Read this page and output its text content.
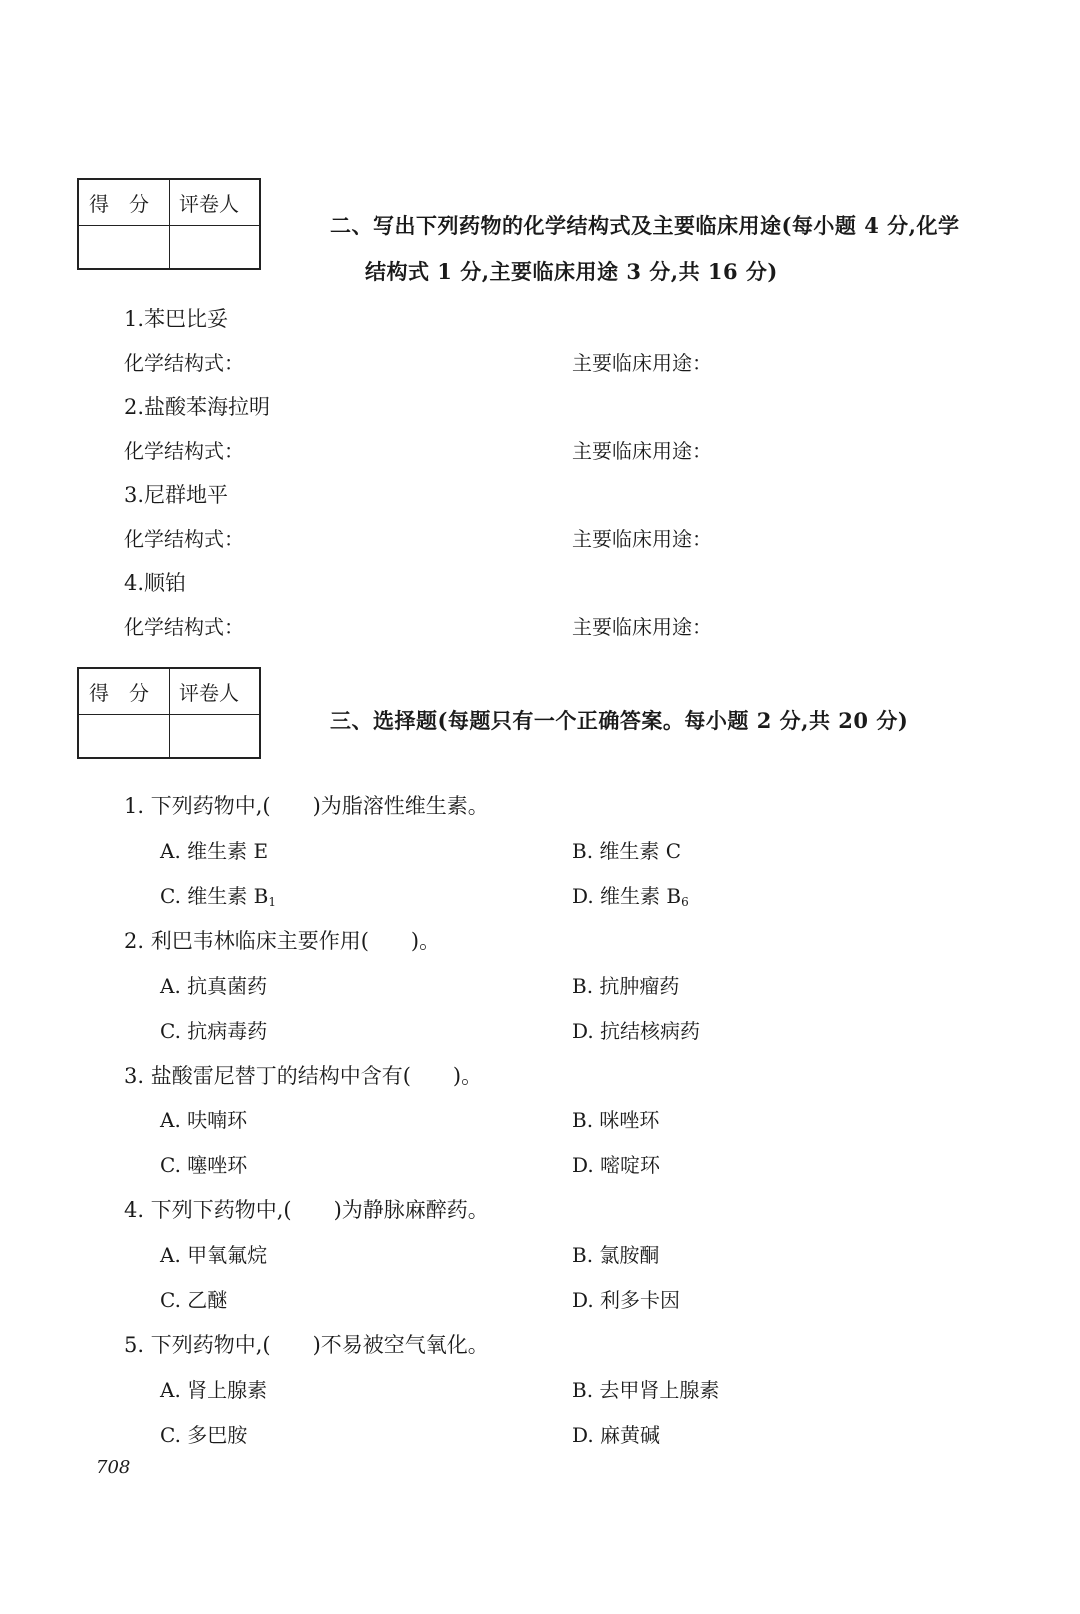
得　分 评卷人
二、写出下列药物的化学结构式及主要临床用途(每小题 4 分,化学
结构式 1 分,主要临床用途 3 分,共 16 分)
1.苯巴比妥
化学结构式：	主要临床用途：
2.盐酸苯海拉明
化学结构式：	主要临床用途：
3.尼群地平
化学结构式：	主要临床用途：
4.顺铂
化学结构式：	主要临床用途：
得　分 评卷人
三、选择题(每题只有一个正确答案。每小题 2 分,共 20 分)
1. 下列药物中,(　　)为脂溶性维生素。
A. 维生素 E	B. 维生素 C
C. 维生素 $B_1$	D. 维生素 $B_6$
2. 利巴韦林临床主要作用(　　)。
A. 抗真菌药	B. 抗肿瘤药
C. 抗病毒药	D. 抗结核病药
3. 盐酸雷尼替丁的结构中含有(　　)。
A. 呋喃环	B. 咪唑环
C. 噻唑环	D. 嘧啶环
4. 下列下药物中,(　　)为静脉麻醉药。
A. 甲氧氟烷	B. 氯胺酮
C. 乙醚	D. 利多卡因
5. 下列药物中,(　　)不易被空气氧化。
A. 肾上腺素	B. 去甲肾上腺素
C. 多巴胺	D. 麻黄碱
708
